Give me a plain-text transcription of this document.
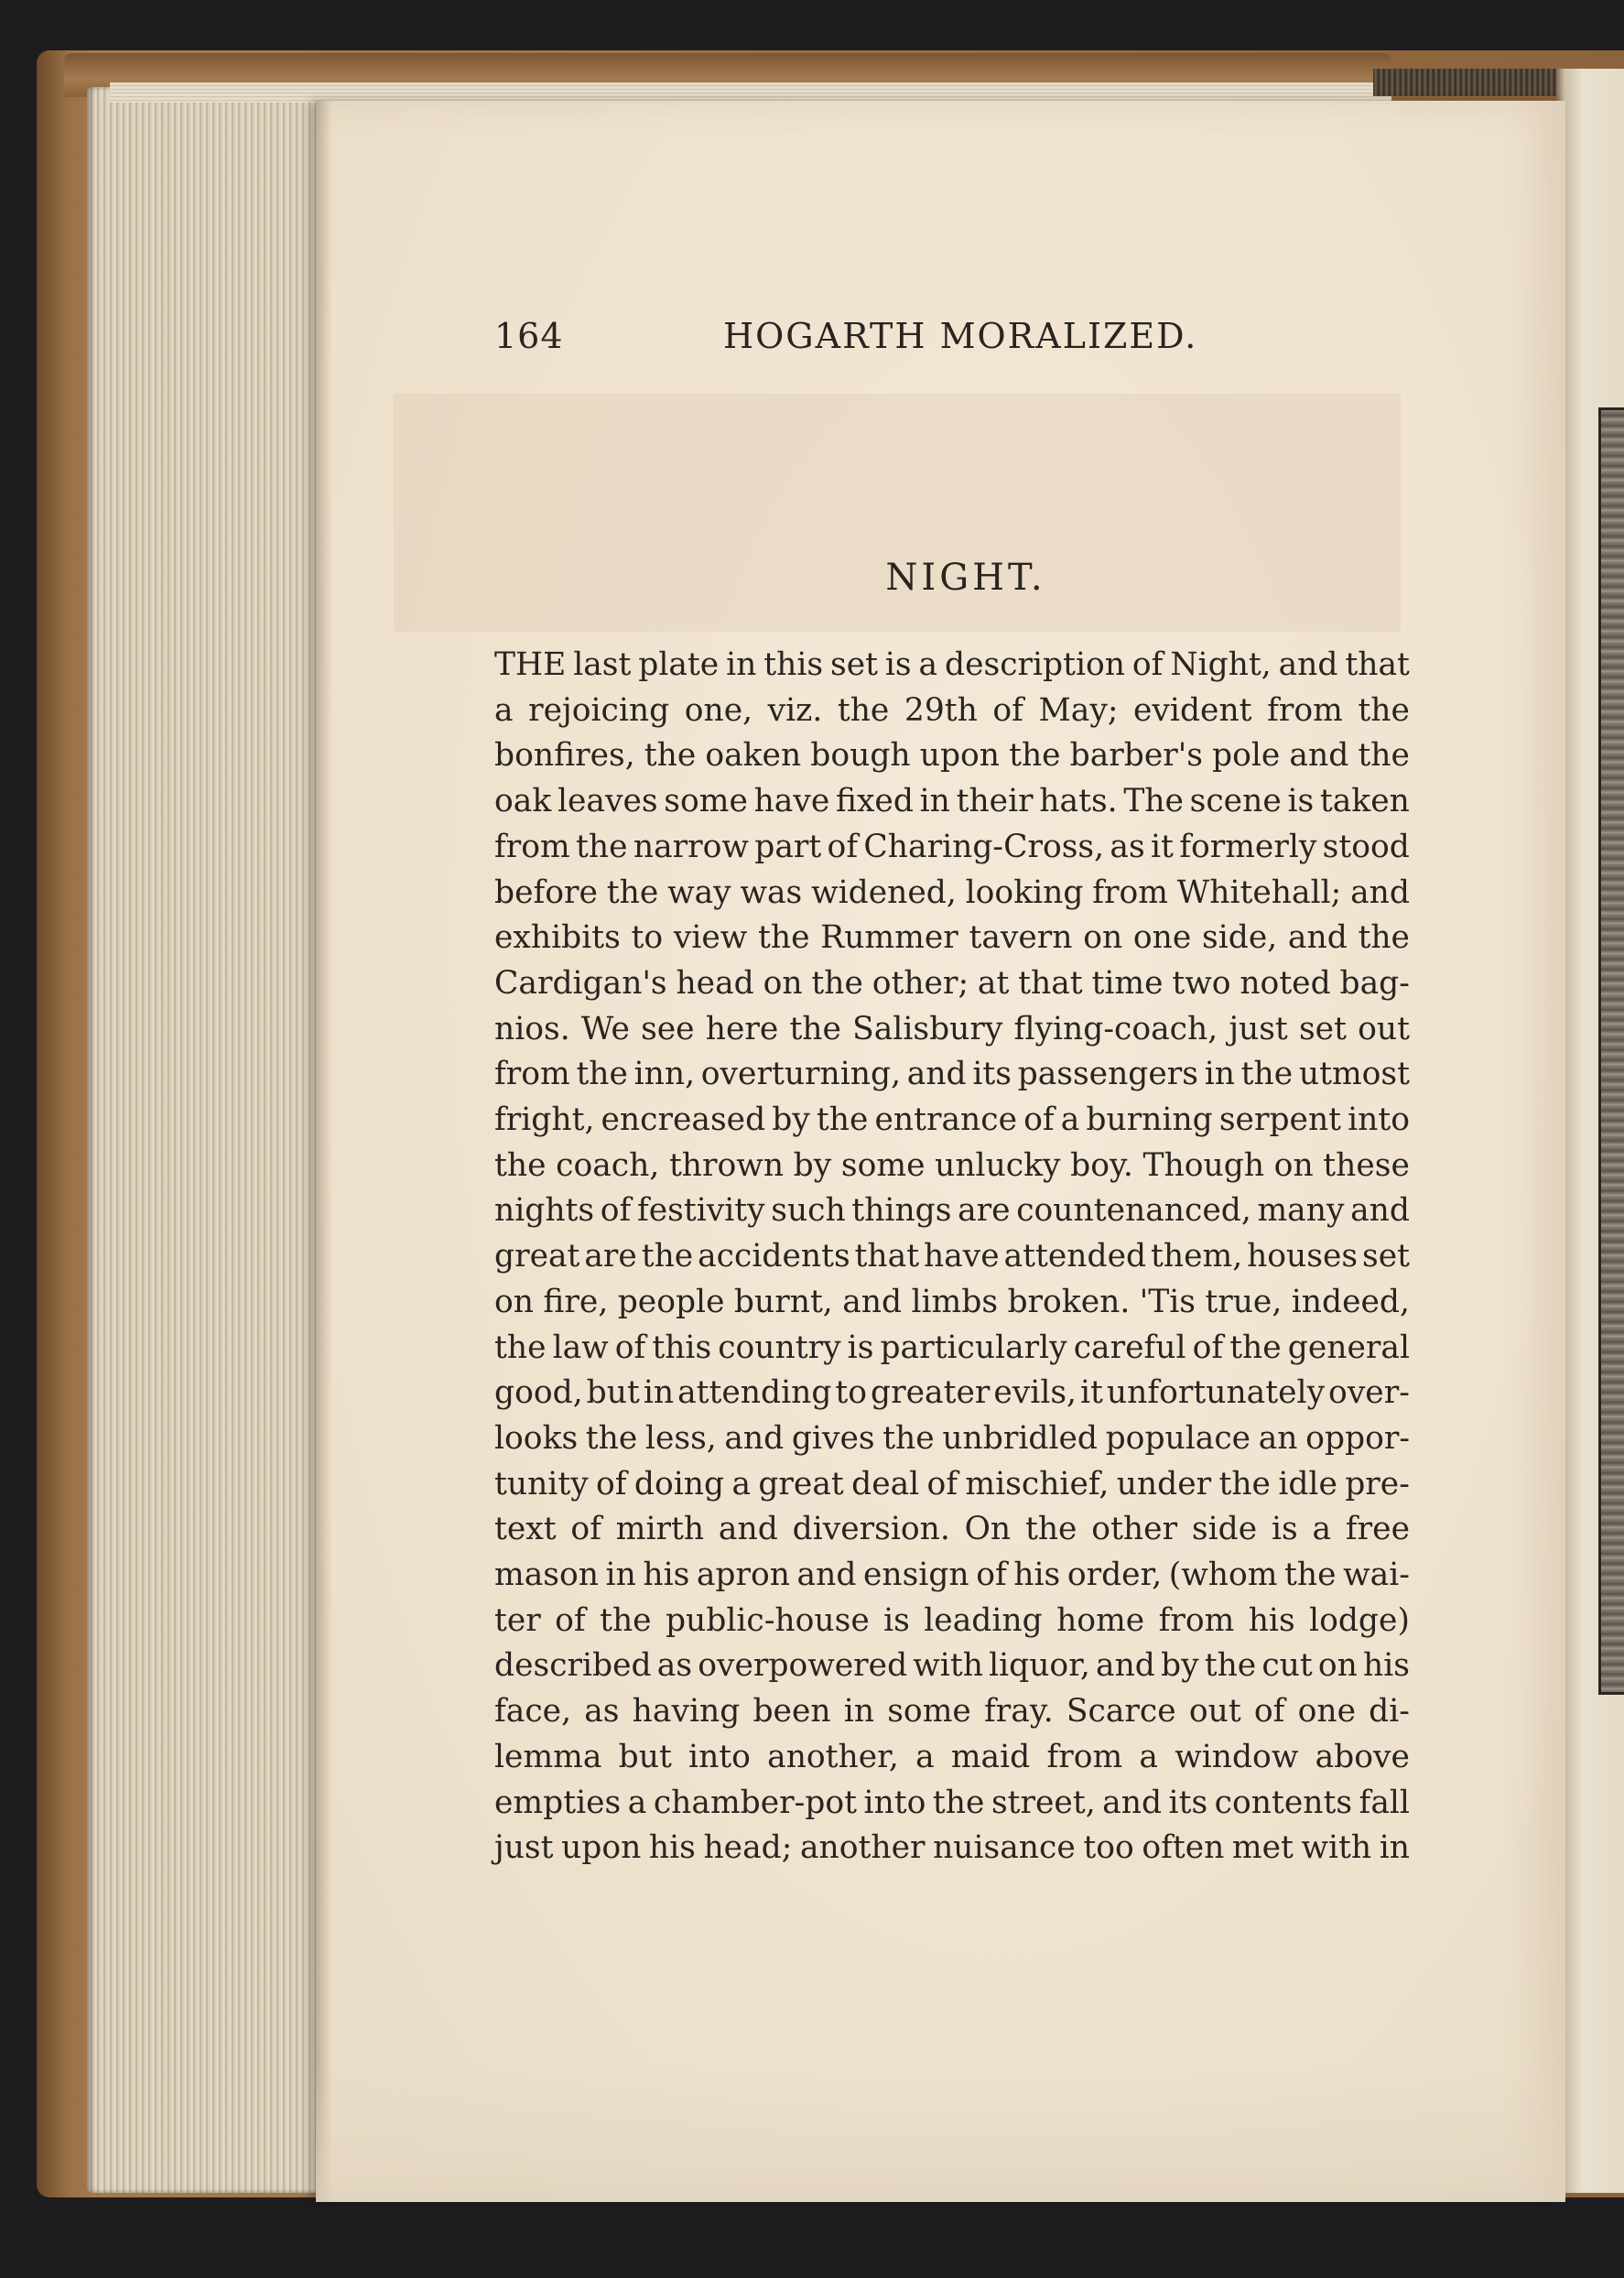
164	HOGARTH MORALIZED.
NIGHT.
THE last plate in this set is a description of Night, and that
a rejoicing one, viz. the 29th of May; evident from the
bonfires, the oaken bough upon the barber's pole and the
oak leaves some have fixed in their hats. The scene is taken
from the narrow part of Charing-Cross, as it formerly stood
before the way was widened, looking from Whitehall; and
exhibits to view the Rummer tavern on one side, and the
Cardigan's head on the other; at that time two noted bag-
nios. We see here the Salisbury flying-coach, just set out
from the inn, overturning, and its passengers in the utmost
fright, encreased by the entrance of a burning serpent into
the coach, thrown by some unlucky boy. Though on these
nights of festivity such things are countenanced, many and
great are the accidents that have attended them, houses set
on fire, people burnt, and limbs broken. 'Tis true, indeed,
the law of this country is particularly careful of the general
good, but in attending to greater evils, it unfortunately over-
looks the less, and gives the unbridled populace an oppor-
tunity of doing a great deal of mischief, under the idle pre-
text of mirth and diversion. On the other side is a free
mason in his apron and ensign of his order, (whom the wai-
ter of the public-house is leading home from his lodge)
described as overpowered with liquor, and by the cut on his
face, as having been in some fray. Scarce out of one di-
lemma but into another, a maid from a window above
empties a chamber-pot into the street, and its contents fall
just upon his head; another nuisance too often met with in
